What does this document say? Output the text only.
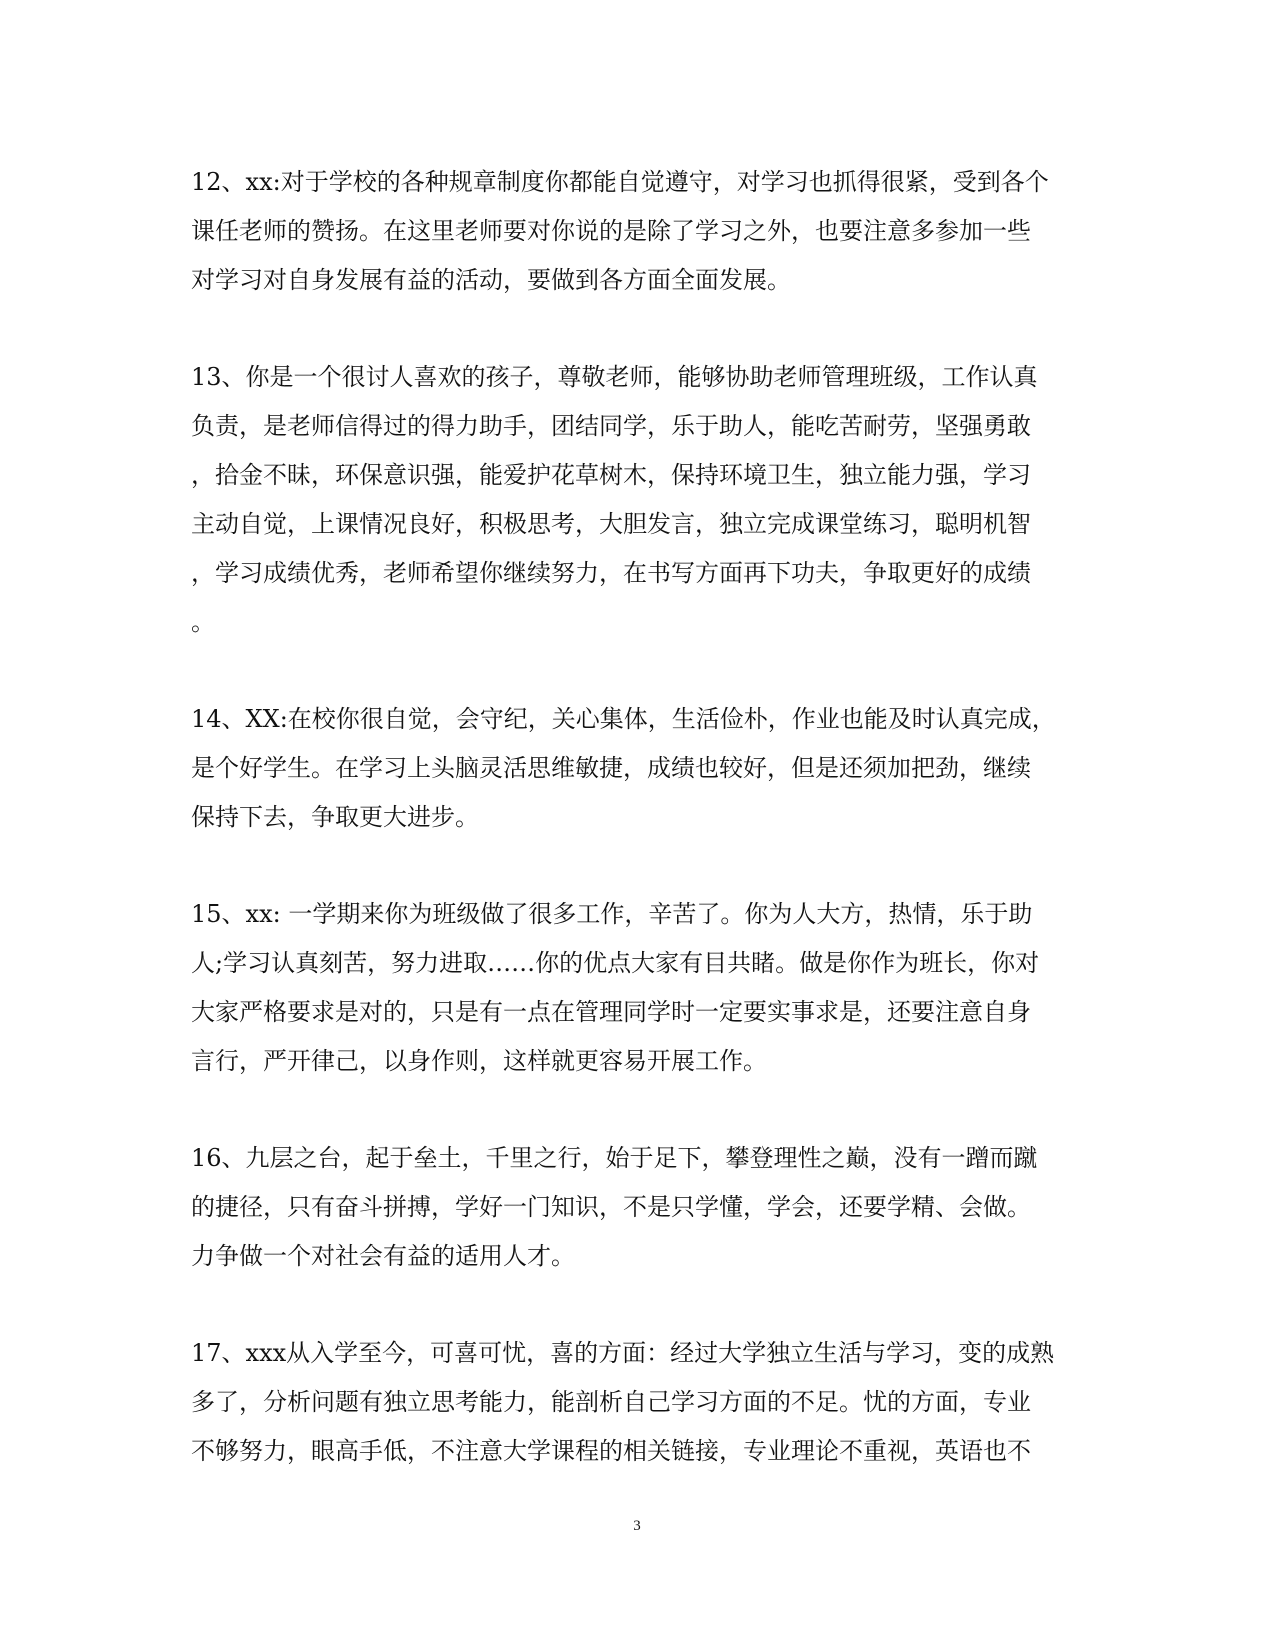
12、xx:对于学校的各种规章制度你都能自觉遵守，对学习也抓得很紧，受到各个
课任老师的赞扬。在这里老师要对你说的是除了学习之外，也要注意多参加一些
对学习对自身发展有益的活动，要做到各方面全面发展。

13、你是一个很讨人喜欢的孩子，尊敬老师，能够协助老师管理班级，工作认真
负责，是老师信得过的得力助手，团结同学，乐于助人，能吃苦耐劳，坚强勇敢
，拾金不昧，环保意识强，能爱护花草树木，保持环境卫生，独立能力强，学习
主动自觉，上课情况良好，积极思考，大胆发言，独立完成课堂练习，聪明机智
，学习成绩优秀，老师希望你继续努力，在书写方面再下功夫，争取更好的成绩
。

14、XX:在校你很自觉，会守纪，关心集体，生活俭朴，作业也能及时认真完成，
是个好学生。在学习上头脑灵活思维敏捷，成绩也较好，但是还须加把劲，继续
保持下去，争取更大进步。

15、xx: 一学期来你为班级做了很多工作，辛苦了。你为人大方，热情，乐于助
人;学习认真刻苦，努力进取……你的优点大家有目共睹。做是你作为班长，你对
大家严格要求是对的，只是有一点在管理同学时一定要实事求是，还要注意自身
言行，严开律己，以身作则，这样就更容易开展工作。

16、九层之台，起于垒土，千里之行，始于足下，攀登理性之巅，没有一蹭而蹴
的捷径，只有奋斗拼搏，学好一门知识，不是只学懂，学会，还要学精、会做。
力争做一个对社会有益的适用人才。

17、xxx从入学至今，可喜可忧，喜的方面：经过大学独立生活与学习，变的成熟
多了，分析问题有独立思考能力，能剖析自己学习方面的不足。忧的方面，专业
不够努力，眼高手低，不注意大学课程的相关链接，专业理论不重视，英语也不

3
